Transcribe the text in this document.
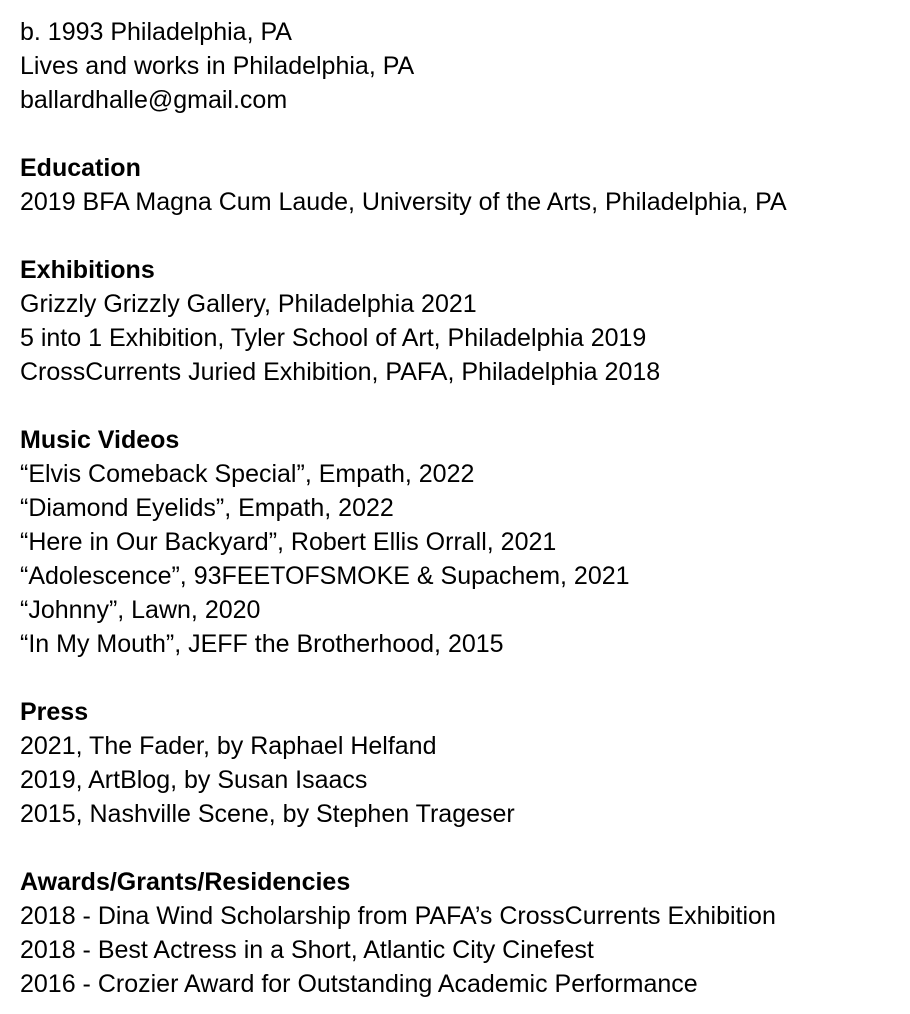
b. 1993 Philadelphia, PA
Lives and works in Philadelphia, PA
ballardhalle@gmail.com
Education
2019 BFA Magna Cum Laude, University of the Arts, Philadelphia, PA
Exhibitions
Grizzly Grizzly Gallery, Philadelphia 2021
5 into 1 Exhibition, Tyler School of Art, Philadelphia 2019
CrossCurrents Juried Exhibition, PAFA, Philadelphia 2018
Music Videos
“Elvis Comeback Special”, Empath, 2022
“Diamond Eyelids”, Empath, 2022
“Here in Our Backyard”, Robert Ellis Orrall, 2021
“Adolescence”, 93FEETOFSMOKE & Supachem, 2021
“Johnny”, Lawn, 2020
“In My Mouth”, JEFF the Brotherhood, 2015
Press
2021, The Fader, by Raphael Helfand
2019, ArtBlog, by Susan Isaacs
2015, Nashville Scene, by Stephen Trageser
Awards/Grants/Residencies
2018 - Dina Wind Scholarship from PAFA’s CrossCurrents Exhibition
2018 - Best Actress in a Short, Atlantic City Cinefest
2016 - Crozier Award for Outstanding Academic Performance
